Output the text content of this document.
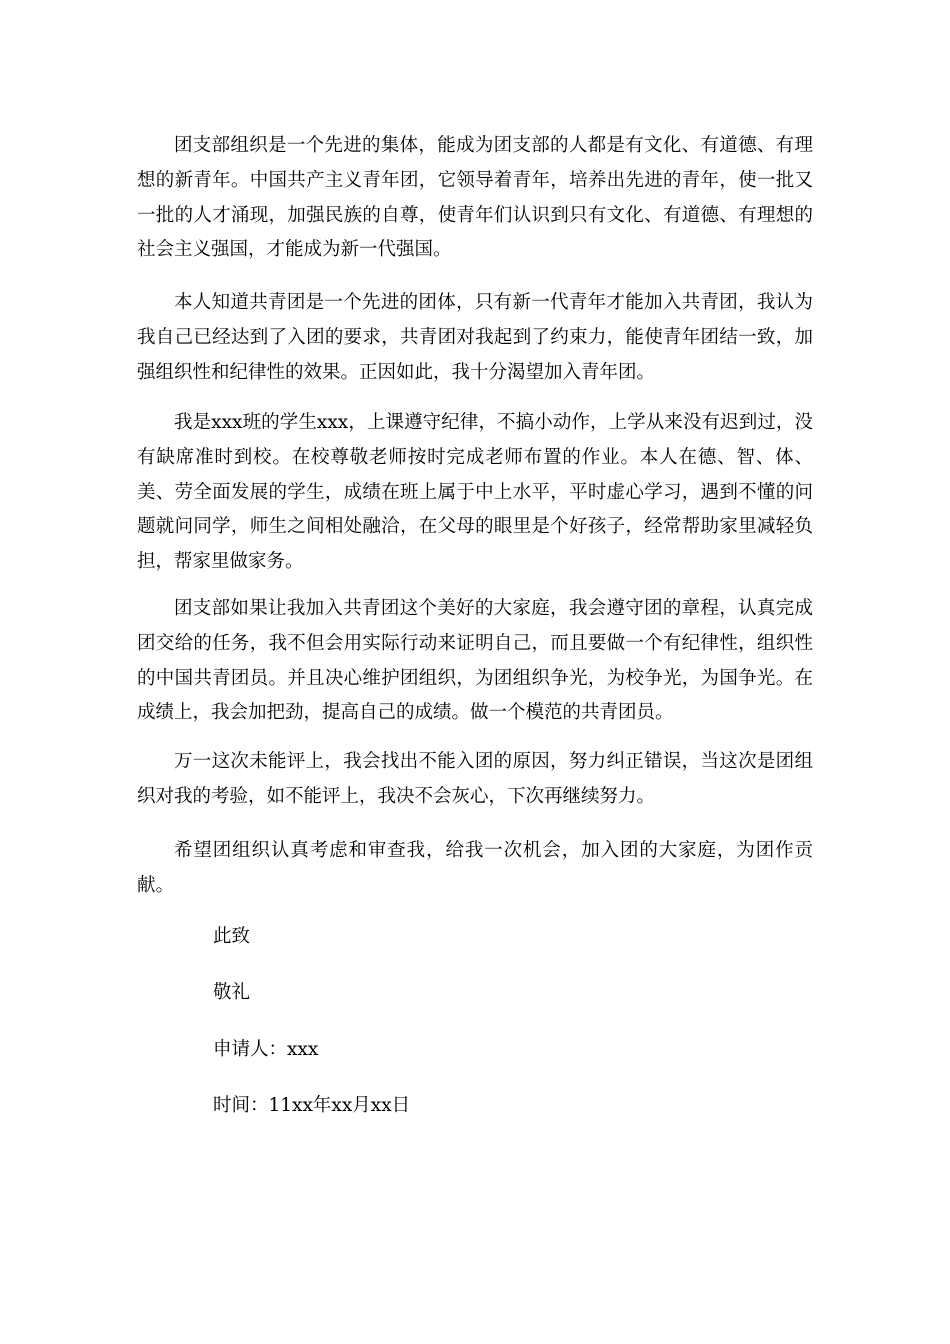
团支部组织是一个先进的集体，能成为团支部的人都是有文化、有道德、有理想的新青年。中国共产主义青年团，它领导着青年，培养出先进的青年，使一批又一批的人才涌现，加强民族的自尊，使青年们认识到只有文化、有道德、有理想的社会主义强国，才能成为新一代强国。

本人知道共青团是一个先进的团体，只有新一代青年才能加入共青团，我认为我自己已经达到了入团的要求，共青团对我起到了约束力，能使青年团结一致，加强组织性和纪律性的效果。正因如此，我十分渴望加入青年团。

我是xxx班的学生xxx，上课遵守纪律，不搞小动作，上学从来没有迟到过，没有缺席准时到校。在校尊敬老师按时完成老师布置的作业。本人在德、智、体、美、劳全面发展的学生，成绩在班上属于中上水平，平时虚心学习，遇到不懂的问题就问同学，师生之间相处融洽，在父母的眼里是个好孩子，经常帮助家里减轻负担，帮家里做家务。

团支部如果让我加入共青团这个美好的大家庭，我会遵守团的章程，认真完成团交给的任务，我不但会用实际行动来证明自己，而且要做一个有纪律性，组织性的中国共青团员。并且决心维护团组织，为团组织争光，为校争光，为国争光。在成绩上，我会加把劲，提高自己的成绩。做一个模范的共青团员。

万一这次未能评上，我会找出不能入团的原因，努力纠正错误，当这次是团组织对我的考验，如不能评上，我决不会灰心，下次再继续努力。

希望团组织认真考虑和审查我，给我一次机会，加入团的大家庭，为团作贡献。

此致

敬礼

申请人：xxx

时间：11xx年xx月xx日
